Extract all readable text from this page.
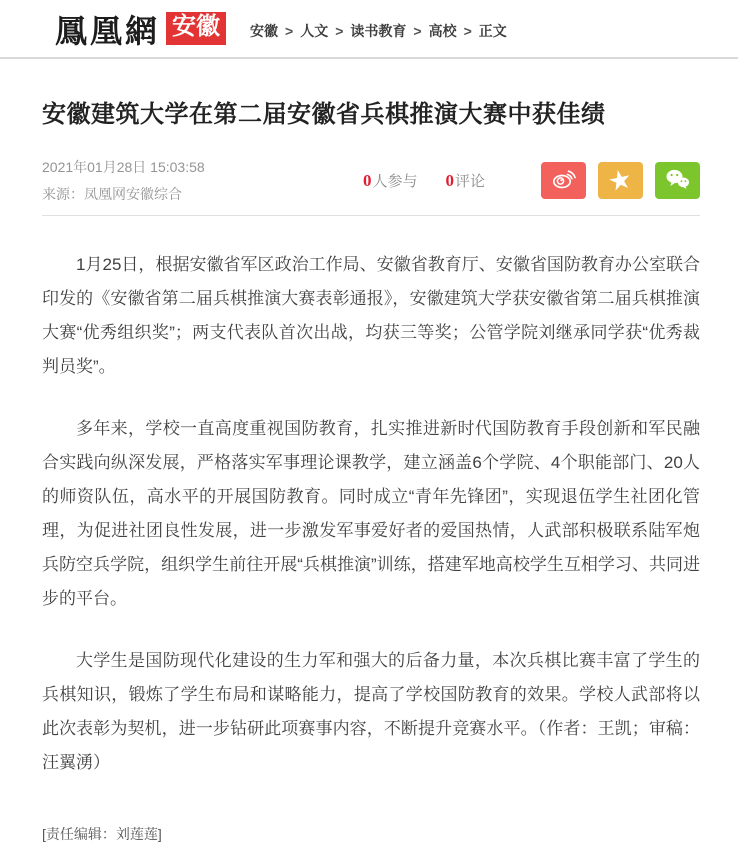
鳳凰網 安徽	安徽 > 人文 > 读书教育 > 高校 > 正文
安徽建筑大学在第二届安徽省兵棋推演大赛中获佳绩
2021年01月28日 15:03:58
来源：凤凰网安徽综合
0人参与 0评论	★

1月25日，根据安徽省军区政治工作局、安徽省教育厅、安徽省国防教育办公室联合印发的《安徽省第二届兵棋推演大赛表彰通报》，安徽建筑大学获安徽省第二届兵棋推演大赛“优秀组织奖”；两支代表队首次出战，均获三等奖；公管学院刘继承同学获“优秀裁判员奖”。

多年来，学校一直高度重视国防教育，扎实推进新时代国防教育手段创新和军民融合实践向纵深发展，严格落实军事理论课教学，建立涵盖6个学院、4个职能部门、20人的师资队伍，高水平的开展国防教育。同时成立“青年先锋团”，实现退伍学生社团化管理，为促进社团良性发展，进一步激发军事爱好者的爱国热情，人武部积极联系陆军炮兵防空兵学院，组织学生前往开展“兵棋推演”训练，搭建军地高校学生互相学习、共同进步的平台。

大学生是国防现代化建设的生力军和强大的后备力量，本次兵棋比赛丰富了学生的兵棋知识，锻炼了学生布局和谋略能力，提高了学校国防教育的效果。学校人武部将以此次表彰为契机，进一步钻研此项赛事内容，不断提升竞赛水平。（作者：王凯；审稿：汪翼湧）

[责任编辑：刘莲莲]
